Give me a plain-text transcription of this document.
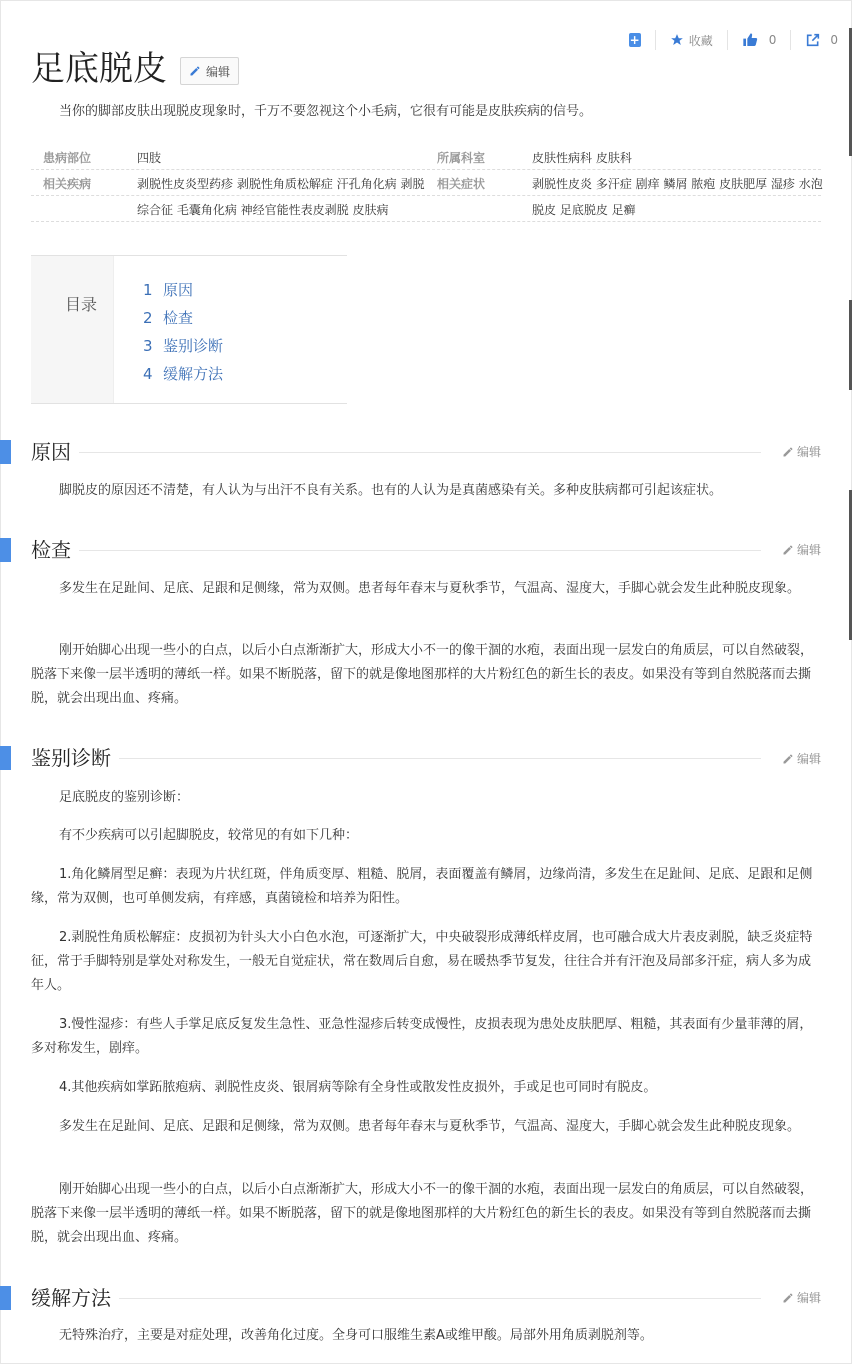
+	收藏	0	0
足底脱皮	编辑
当你的脚部皮肤出现脱皮现象时，千万不要忽视这个小毛病，它很有可能是皮肤疾病的信号。
患病部位	四肢	所属科室	皮肤性病科 皮肤科
相关疾病	剥脱性皮炎型药疹 剥脱性角质松解症 汗孔角化病 剥脱 相关症状	剥脱性皮炎 多汗症 剧痒 鳞屑 脓疱 皮肤肥厚 湿疹 水泡
综合征 毛囊角化病 神经官能性表皮剥脱 皮肤病	脱皮 足底脱皮 足癣
目录
1 原因
2 检查
3 鉴别诊断
4 缓解方法
原因	编辑
脚脱皮的原因还不清楚，有人认为与出汗不良有关系。也有的人认为是真菌感染有关。多种皮肤病都可引起该症状。
检查	编辑
多发生在足趾间、足底、足跟和足侧缘，常为双侧。患者每年春末与夏秋季节，气温高、湿度大，手脚心就会发生此种脱皮现象。
刚开始脚心出现一些小的白点，以后小白点渐渐扩大，形成大小不一的像干涸的水疱，表面出现一层发白的角质层，可以自然破裂，脱落下来像一层半透明的薄纸一样。如果不断脱落，留下的就是像地图那样的大片粉红色的新生长的表皮。如果没有等到自然脱落而去撕脱，就会出现出血、疼痛。
鉴别诊断	编辑
足底脱皮的鉴别诊断：
有不少疾病可以引起脚脱皮，较常见的有如下几种：
1.角化鳞屑型足癣：表现为片状红斑，伴角质变厚、粗糙、脱屑，表面覆盖有鳞屑，边缘尚清，多发生在足趾间、足底、足跟和足侧缘，常为双侧，也可单侧发病，有痒感，真菌镜检和培养为阳性。
2.剥脱性角质松解症：皮损初为针头大小白色水泡，可逐渐扩大，中央破裂形成薄纸样皮屑，也可融合成大片表皮剥脱，缺乏炎症特征，常于手脚特别是掌处对称发生，一般无自觉症状，常在数周后自愈，易在暖热季节复发，往往合并有汗泡及局部多汗症，病人多为成年人。
3.慢性湿疹：有些人手掌足底反复发生急性、亚急性湿疹后转变成慢性，皮损表现为患处皮肤肥厚、粗糙，其表面有少量菲薄的屑，多对称发生，剧痒。
4.其他疾病如掌跖脓疱病、剥脱性皮炎、银屑病等除有全身性或散发性皮损外，手或足也可同时有脱皮。
多发生在足趾间、足底、足跟和足侧缘，常为双侧。患者每年春末与夏秋季节，气温高、湿度大，手脚心就会发生此种脱皮现象。
刚开始脚心出现一些小的白点，以后小白点渐渐扩大，形成大小不一的像干涸的水疱，表面出现一层发白的角质层，可以自然破裂，脱落下来像一层半透明的薄纸一样。如果不断脱落，留下的就是像地图那样的大片粉红色的新生长的表皮。如果没有等到自然脱落而去撕脱，就会出现出血、疼痛。
缓解方法	编辑
无特殊治疗，主要是对症处理，改善角化过度。全身可口服维生素A或维甲酸。局部外用角质剥脱剂等。
